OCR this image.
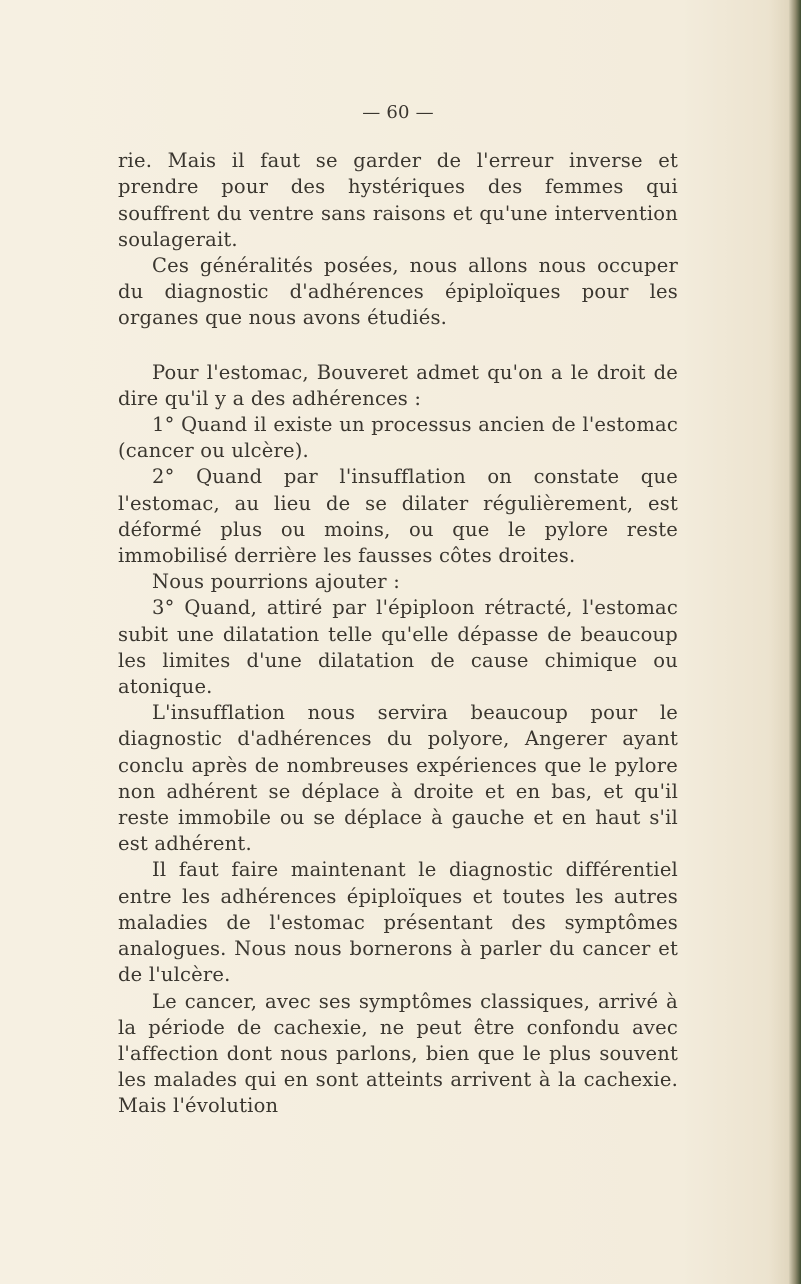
— 60 —

rie. Mais il faut se garder de l'erreur inverse et prendre pour des hystériques des femmes qui souffrent du ventre sans raisons et qu'une intervention soulagerait.

Ces généralités posées, nous allons nous occuper du diagnostic d'adhérences épiploïques pour les organes que nous avons étudiés.

Pour l'estomac, Bouveret admet qu'on a le droit de dire qu'il y a des adhérences :

1° Quand il existe un processus ancien de l'estomac (cancer ou ulcère).

2° Quand par l'insufflation on constate que l'estomac, au lieu de se dilater régulièrement, est déformé plus ou moins, ou que le pylore reste immobilisé derrière les fausses côtes droites.

Nous pourrions ajouter :

3° Quand, attiré par l'épiploon rétracté, l'estomac subit une dilatation telle qu'elle dépasse de beaucoup les limites d'une dilatation de cause chimique ou atonique.

L'insufflation nous servira beaucoup pour le diagnostic d'adhérences du polyore, Angerer ayant conclu après de nombreuses expériences que le pylore non adhérent se déplace à droite et en bas, et qu'il reste immobile ou se déplace à gauche et en haut s'il est adhérent.

Il faut faire maintenant le diagnostic différentiel entre les adhérences épiploïques et toutes les autres maladies de l'estomac présentant des symptômes analogues. Nous nous bornerons à parler du cancer et de l'ulcère.

Le cancer, avec ses symptômes classiques, arrivé à la période de cachexie, ne peut être confondu avec l'affection dont nous parlons, bien que le plus souvent les malades qui en sont atteints arrivent à la cachexie. Mais l'évolution
